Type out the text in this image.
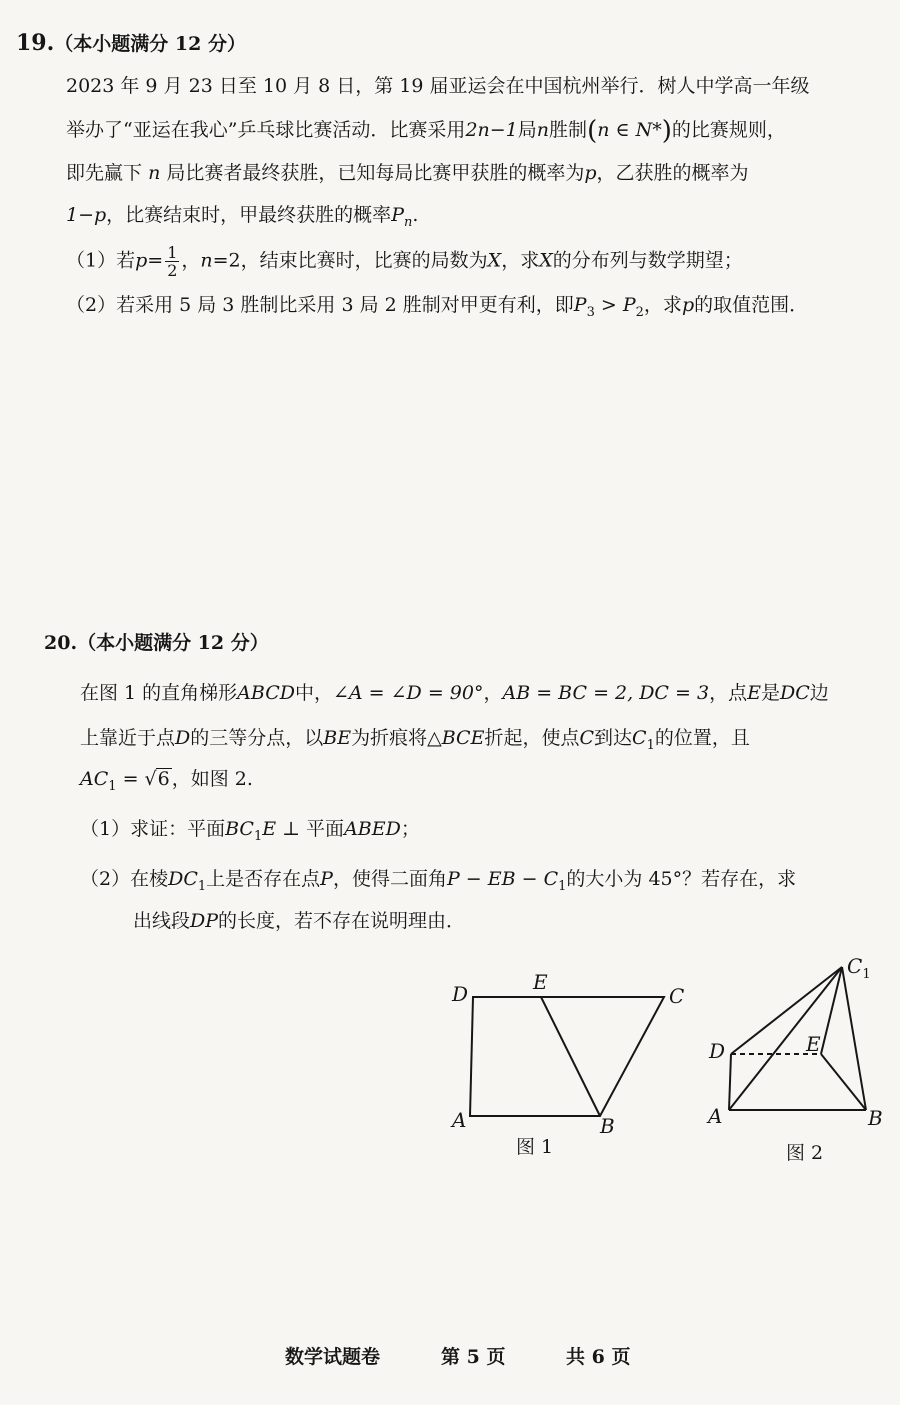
19.（本小题满分 12 分）
2023 年 9 月 23 日至 10 月 8 日，第 19 届亚运会在中国杭州举行．树人中学高一年级
举办了“亚运在我心”乒乓球比赛活动．比赛采用2n−1局n胜制(n ∈ N*)的比赛规则，
即先赢下 n 局比赛者最终获胜，已知每局比赛甲获胜的概率为p，乙获胜的概率为
1−p，比赛结束时，甲最终获胜的概率$P_n$.
（1）若$p= \frac{1}{2}$ ，n=2，结束比赛时，比赛的局数为X，求X的分布列与数学期望；
（2）若采用 5 局 3 胜制比采用 3 局 2 胜制对甲更有利，即$P_3 > P_2$，求p的取值范围．
20.（本小题满分 12 分）
在图 1 的直角梯形ABCD中，∠A = ∠D = 90°，AB = BC = 2, DC = 3，点E是DC边
上靠近于点D的三等分点，以BE为折痕将△BCE折起，使点C到达$C_1$的位置，且
$AC_1 = √6$ ，如图 2.
（1）求证：平面$BC_1E$ ⊥ 平面ABED；
（2）在棱$DC_1$上是否存在点P，使得二面角P − EB − $C_1$的大小为 45°？若存在，求
出线段DP的长度，若不存在说明理由．
D	E
C
A	B
图 1
$C_1$
D	E
A	B
图 2
数学试题卷	第 5 页	共 6 页
